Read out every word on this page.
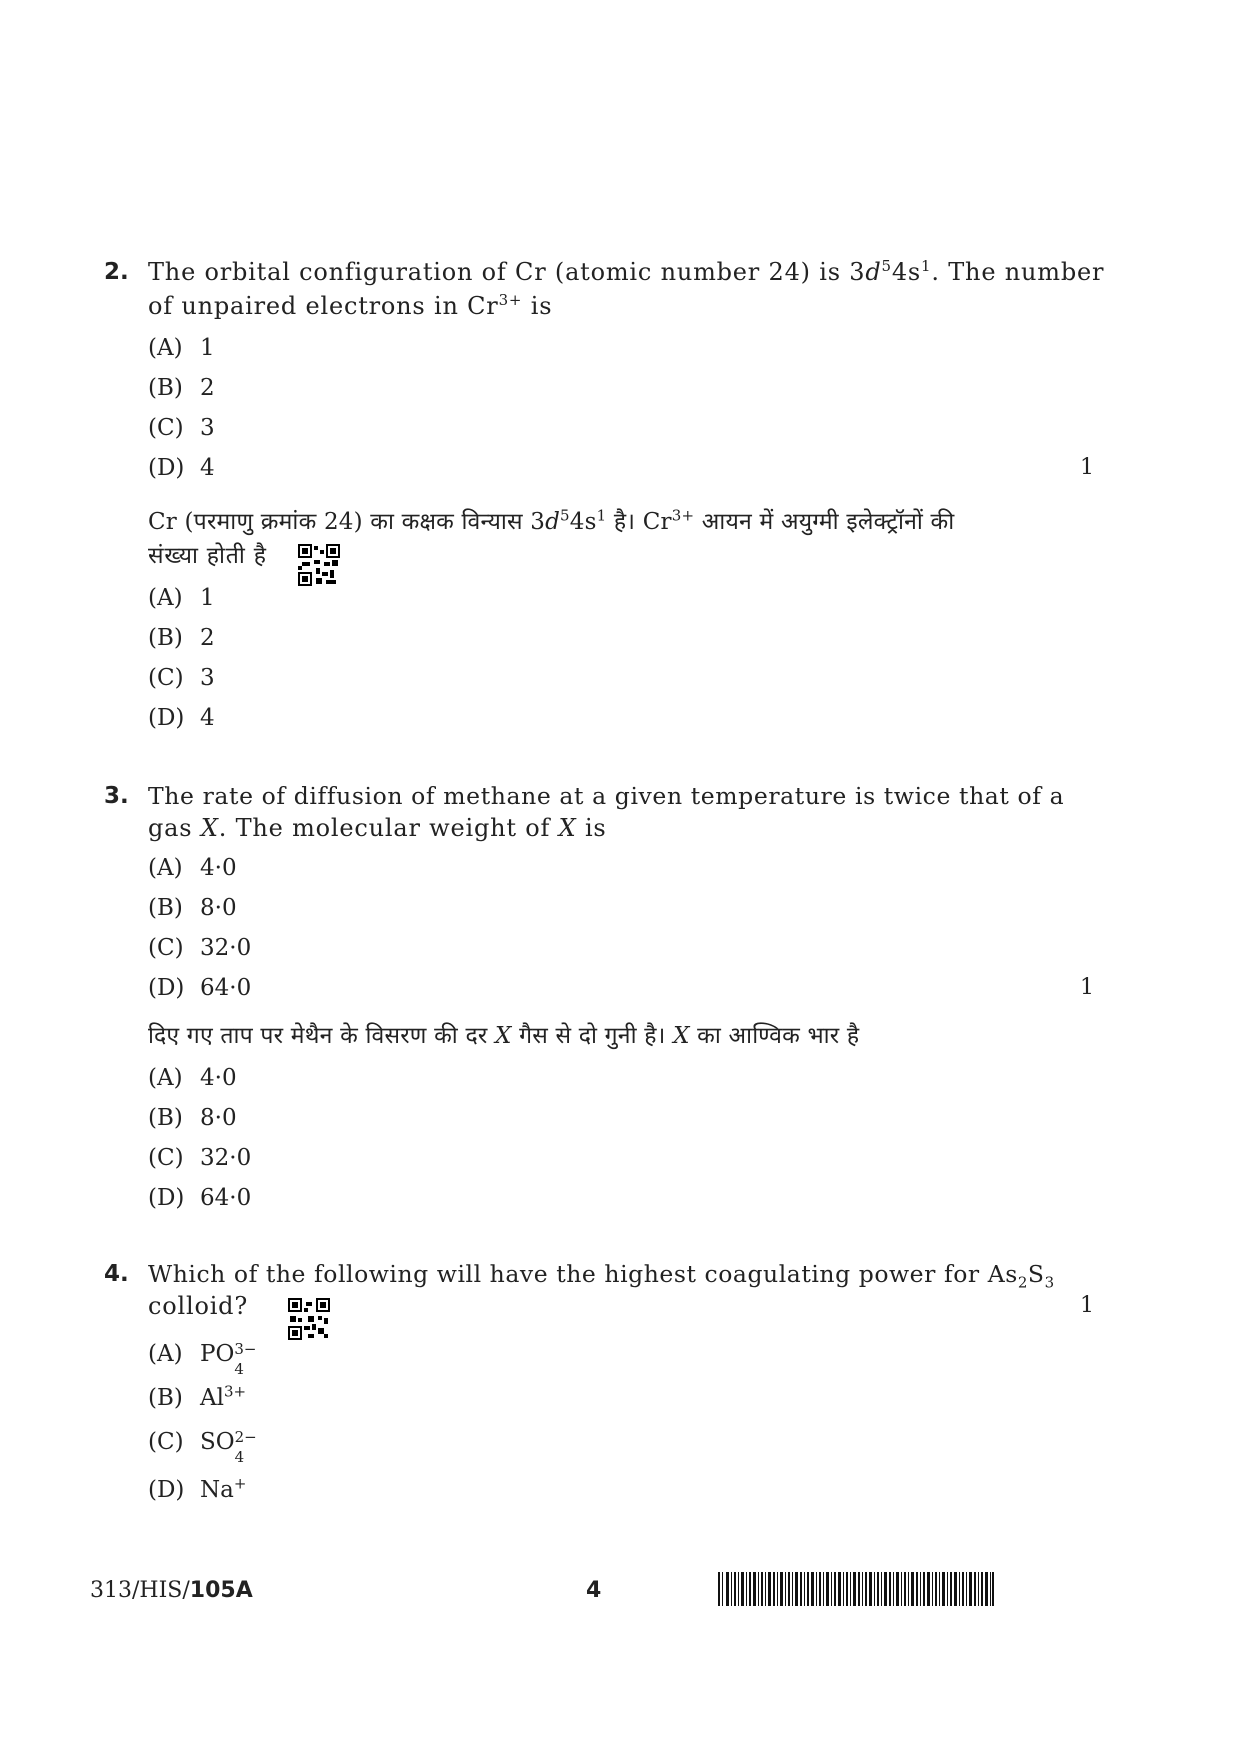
2. The orbital configuration of Cr (atomic number 24) is $3d^54s^1$. The number
of unpaired electrons in $Cr^{3+}$ is
(A) 1
(B) 2
(C) 3
(D) 4	1
Cr (परमाणु क्रमांक 24) का कक्षक विन्यास $3d^54s^1$ है। $Cr^{3+}$ आयन में अयुग्मी इलेक्ट्रॉनों की
संख्या होती है
(A) 1
(B) 2
(C) 3
(D) 4
3. The rate of diffusion of methane at a given temperature is twice that of a
gas X. The molecular weight of X is
(A) 4·0
(B) 8·0
(C) 32·0
(D) 64·0	1
दिए गए ताप पर मेथैन के विसरण की दर X गैस से दो गुनी है। X का आण्विक भार है
(A) 4·0
(B) 8·0
(C) 32·0
(D) 64·0
4. Which of the following will have the highest coagulating power for $As_2S_3$
colloid?	1
(A) PO 3−
4
(B) $Al^{3+}$
(C) SO 2−
4
(D) Na+
313/HIS/105A	4
